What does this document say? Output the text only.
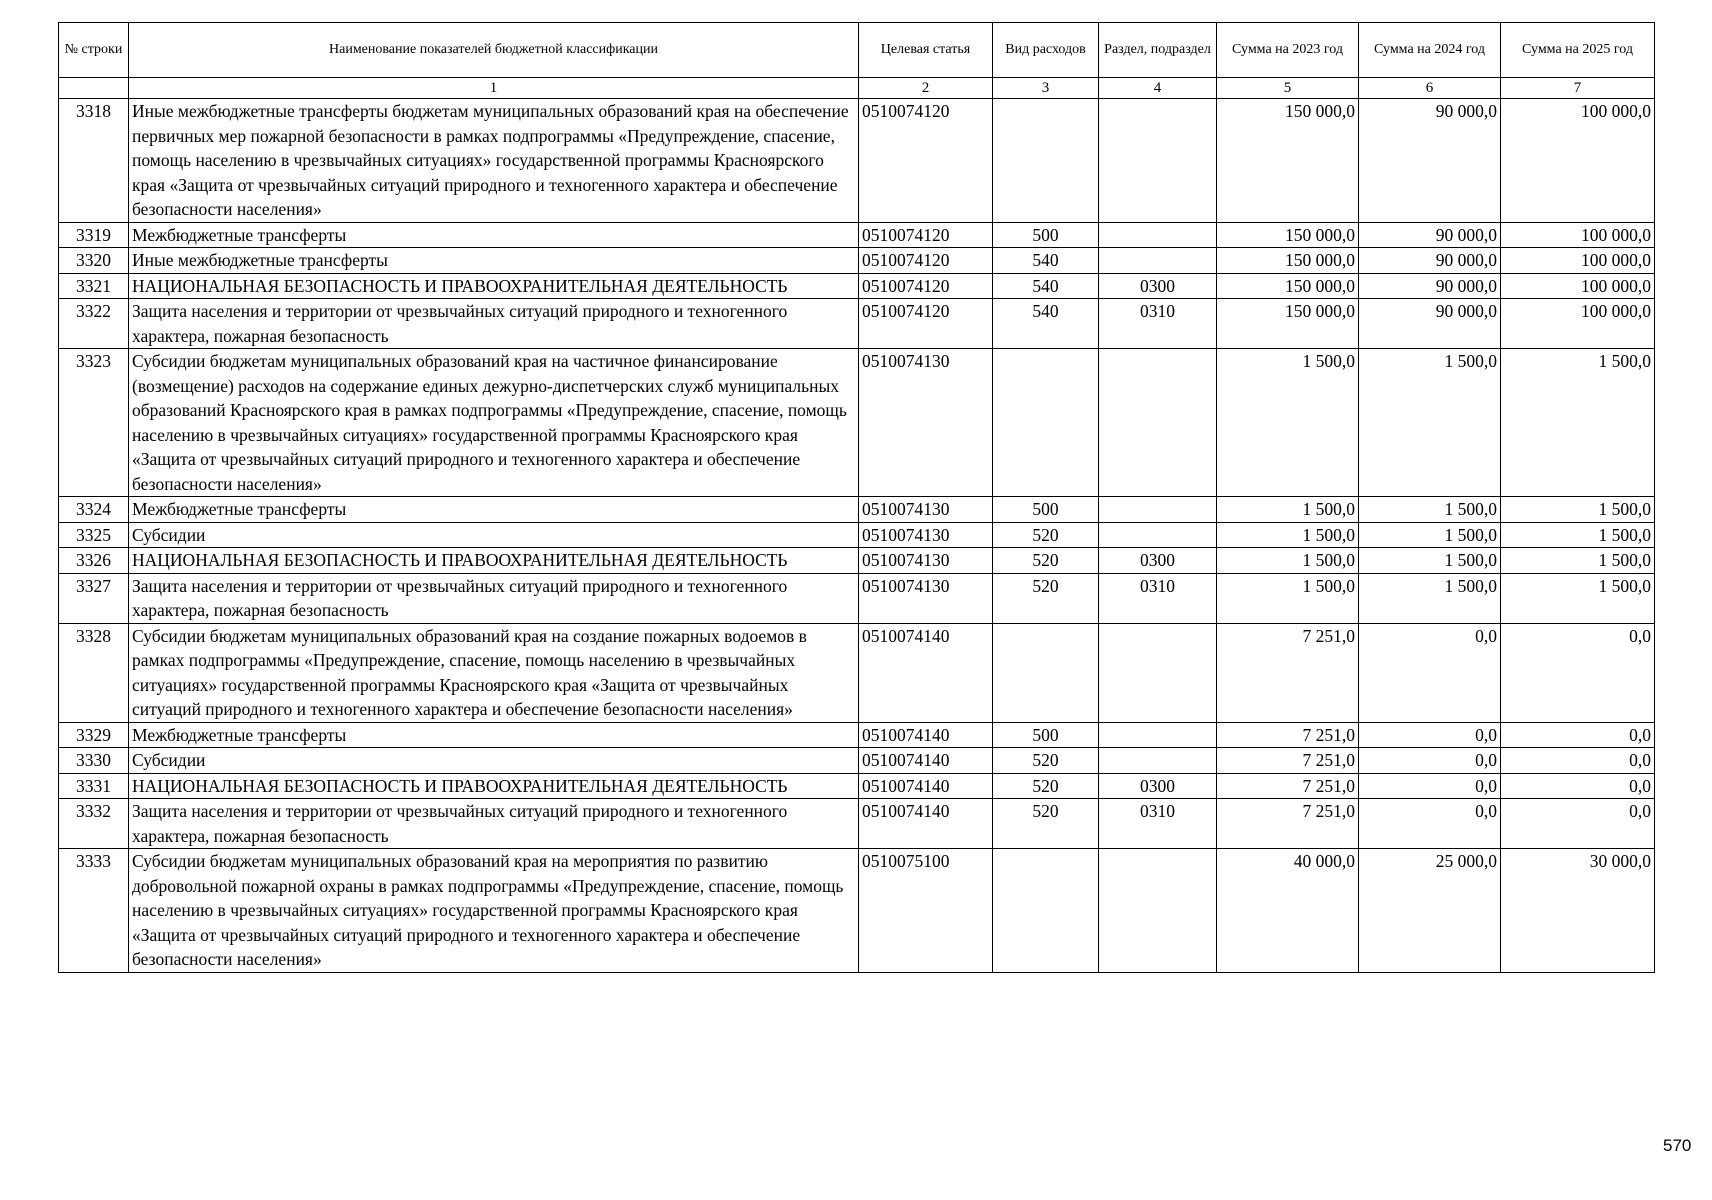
№ строки	Наименование показателей бюджетной классификации	Целевая статья	Вид расходов	Раздел, подраздел	Сумма на 2023 год	Сумма на 2024 год	Сумма на 2025 год
	1	2	3	4	5	6	7
3318	Иные межбюджетные трансферты бюджетам муниципальных образований края на обеспечение первичных мер пожарной безопасности в рамках подпрограммы «Предупреждение, спасение, помощь населению в чрезвычайных ситуациях» государственной программы Красноярского края «Защита от чрезвычайных ситуаций природного и техногенного характера и обеспечение безопасности населения»	0510074120			150 000,0	90 000,0	100 000,0
3319	Межбюджетные трансферты	0510074120	500		150 000,0	90 000,0	100 000,0
3320	Иные межбюджетные трансферты	0510074120	540		150 000,0	90 000,0	100 000,0
3321	НАЦИОНАЛЬНАЯ БЕЗОПАСНОСТЬ И ПРАВООХРАНИТЕЛЬНАЯ ДЕЯТЕЛЬНОСТЬ	0510074120	540	0300	150 000,0	90 000,0	100 000,0
3322	Защита населения и территории от чрезвычайных ситуаций природного и техногенного характера, пожарная безопасность	0510074120	540	0310	150 000,0	90 000,0	100 000,0
3323	Субсидии бюджетам муниципальных образований края на частичное финансирование (возмещение) расходов на содержание единых дежурно-диспетчерских служб муниципальных образований Красноярского края в рамках подпрограммы «Предупреждение, спасение, помощь населению в чрезвычайных ситуациях» государственной программы Красноярского края «Защита от чрезвычайных ситуаций природного и техногенного характера и обеспечение безопасности населения»	0510074130			1 500,0	1 500,0	1 500,0
3324	Межбюджетные трансферты	0510074130	500		1 500,0	1 500,0	1 500,0
3325	Субсидии	0510074130	520		1 500,0	1 500,0	1 500,0
3326	НАЦИОНАЛЬНАЯ БЕЗОПАСНОСТЬ И ПРАВООХРАНИТЕЛЬНАЯ ДЕЯТЕЛЬНОСТЬ	0510074130	520	0300	1 500,0	1 500,0	1 500,0
3327	Защита населения и территории от чрезвычайных ситуаций природного и техногенного характера, пожарная безопасность	0510074130	520	0310	1 500,0	1 500,0	1 500,0
3328	Субсидии бюджетам муниципальных образований края на создание пожарных водоемов в рамках подпрограммы «Предупреждение, спасение, помощь населению в чрезвычайных ситуациях» государственной программы Красноярского края «Защита от чрезвычайных ситуаций природного и техногенного характера и обеспечение безопасности населения»	0510074140			7 251,0	0,0	0,0
3329	Межбюджетные трансферты	0510074140	500		7 251,0	0,0	0,0
3330	Субсидии	0510074140	520		7 251,0	0,0	0,0
3331	НАЦИОНАЛЬНАЯ БЕЗОПАСНОСТЬ И ПРАВООХРАНИТЕЛЬНАЯ ДЕЯТЕЛЬНОСТЬ	0510074140	520	0300	7 251,0	0,0	0,0
3332	Защита населения и территории от чрезвычайных ситуаций природного и техногенного характера, пожарная безопасность	0510074140	520	0310	7 251,0	0,0	0,0
3333	Субсидии бюджетам муниципальных образований края на мероприятия по развитию добровольной пожарной охраны в рамках подпрограммы «Предупреждение, спасение, помощь населению в чрезвычайных ситуациях» государственной программы Красноярского края «Защита от чрезвычайных ситуаций природного и техногенного характера и обеспечение безопасности населения»	0510075100			40 000,0	25 000,0	30 000,0
570
